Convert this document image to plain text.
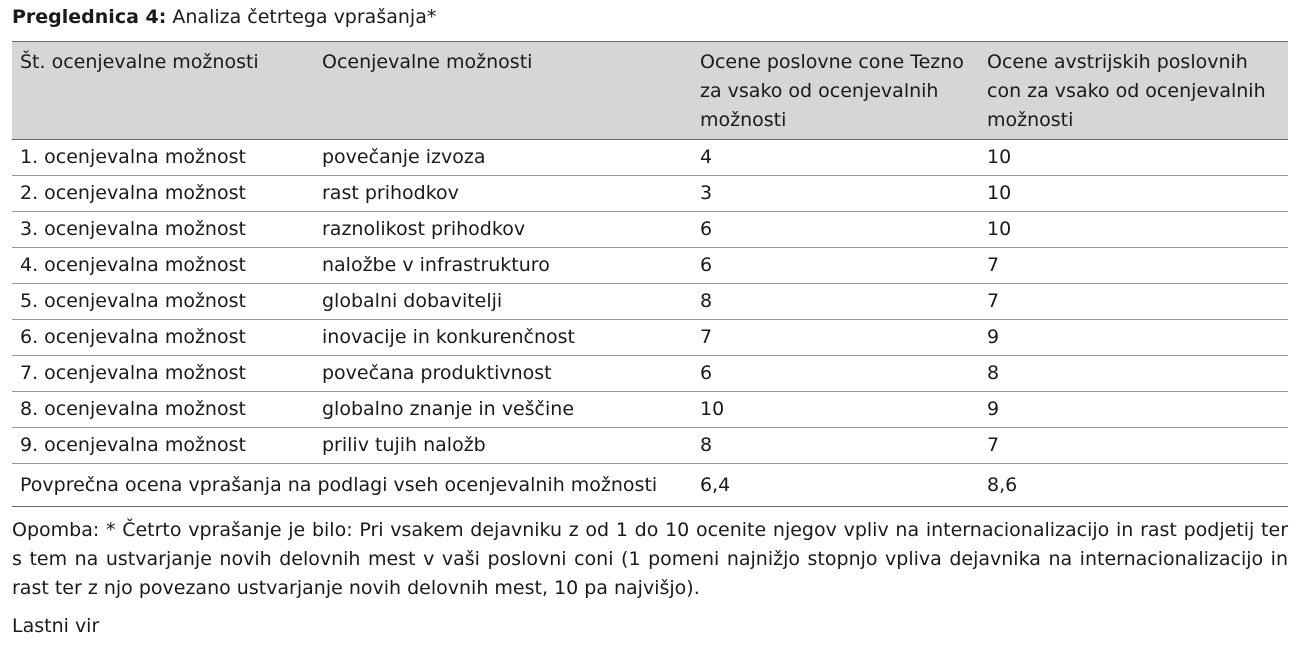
Preglednica 4: Analiza četrtega vprašanja*
Št. ocenjevalne možnosti	Ocenjevalne možnosti	Ocene poslovne cone Tezno za vsako od ocenjevalnih možnosti	Ocene avstrijskih poslovnih con za vsako od ocenjevalnih možnosti
1. ocenjevalna možnost	povečanje izvoza	4	10
2. ocenjevalna možnost	rast prihodkov	3	10
3. ocenjevalna možnost	raznolikost prihodkov	6	10
4. ocenjevalna možnost	naložbe v infrastrukturo	6	7
5. ocenjevalna možnost	globalni dobavitelji	8	7
6. ocenjevalna možnost	inovacije in konkurenčnost	7	9
7. ocenjevalna možnost	povečana produktivnost	6	8
8. ocenjevalna možnost	globalno znanje in veščine	10	9
9. ocenjevalna možnost	priliv tujih naložb	8	7
Povprečna ocena vprašanja na podlagi vseh ocenjevalnih možnosti		6,4	8,6
Opomba: * Četrto vprašanje je bilo: Pri vsakem dejavniku z od 1 do 10 ocenite njegov vpliv na internacionalizacijo in rast podjetij ter s tem na ustvarjanje novih delovnih mest v vaši poslovni coni (1 pomeni najnižjo stopnjo vpliva dejavnika na internacionalizacijo in rast ter z njo povezano ustvarjanje novih delovnih mest, 10 pa najvišjo).
Lastni vir
